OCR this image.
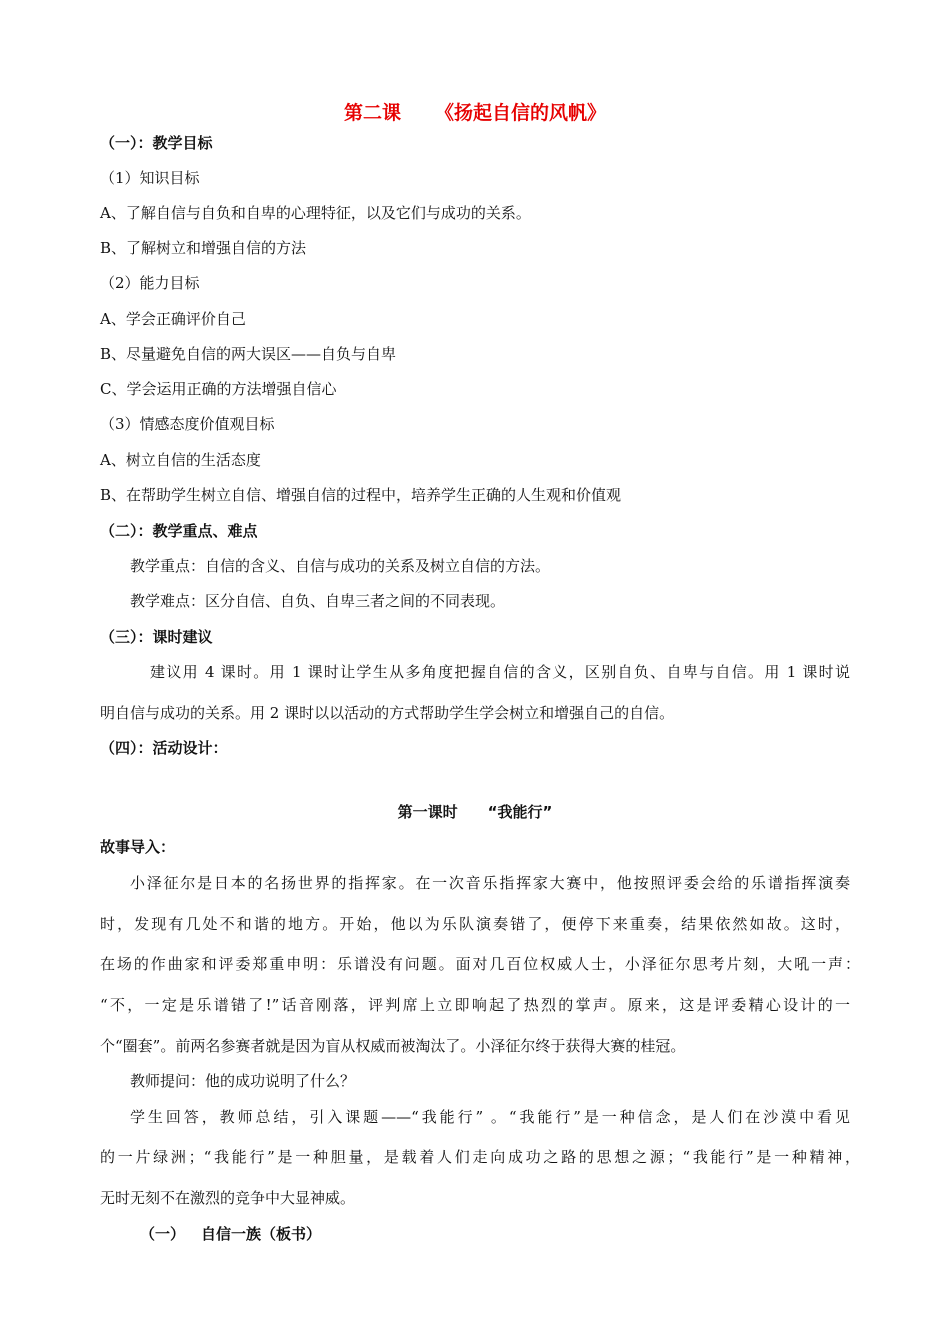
第二课 《扬起自信的风帆》
（一）：教学目标
（1）知识目标
A、了解自信与自负和自卑的心理特征，以及它们与成功的关系。
B、了解树立和增强自信的方法
（2）能力目标
A、学会正确评价自己
B、尽量避免自信的两大误区——自负与自卑
C、学会运用正确的方法增强自信心
（3）情感态度价值观目标
A、树立自信的生活态度
B、在帮助学生树立自信、增强自信的过程中，培养学生正确的人生观和价值观
（二）：教学重点、难点
教学重点：自信的含义、自信与成功的关系及树立自信的方法。
教学难点：区分自信、自负、自卑三者之间的不同表现。
（三）：课时建议
建议用 4 课时。用 1 课时让学生从多角度把握自信的含义，区别自负、自卑与自信。用 1 课时说
明自信与成功的关系。用 2 课时以以活动的方式帮助学生学会树立和增强自己的自信。
（四）：活动设计：
第一课时 “我能行”
故事导入：
小泽征尔是日本的名扬世界的指挥家。在一次音乐指挥家大赛中，他按照评委会给的乐谱指挥演奏
时，发现有几处不和谐的地方。开始，他以为乐队演奏错了，便停下来重奏，结果依然如故。这时，
在场的作曲家和评委郑重申明：乐谱没有问题。面对几百位权威人士，小泽征尔思考片刻，大吼一声：
“不，一定是乐谱错了!”话音刚落，评判席上立即响起了热烈的掌声。原来，这是评委精心设计的一
个“圈套”。前两名参赛者就是因为盲从权威而被淘汰了。小泽征尔终于获得大赛的桂冠。
教师提问：他的成功说明了什么？
学生回答，教师总结，引入课题——“我能行” 。“我能行”是一种信念，是人们在沙漠中看见
的一片绿洲；“我能行”是一种胆量，是载着人们走向成功之路的思想之源；“我能行”是一种精神，
无时无刻不在激烈的竞争中大显神威。
（一） 自信一族（板书）
